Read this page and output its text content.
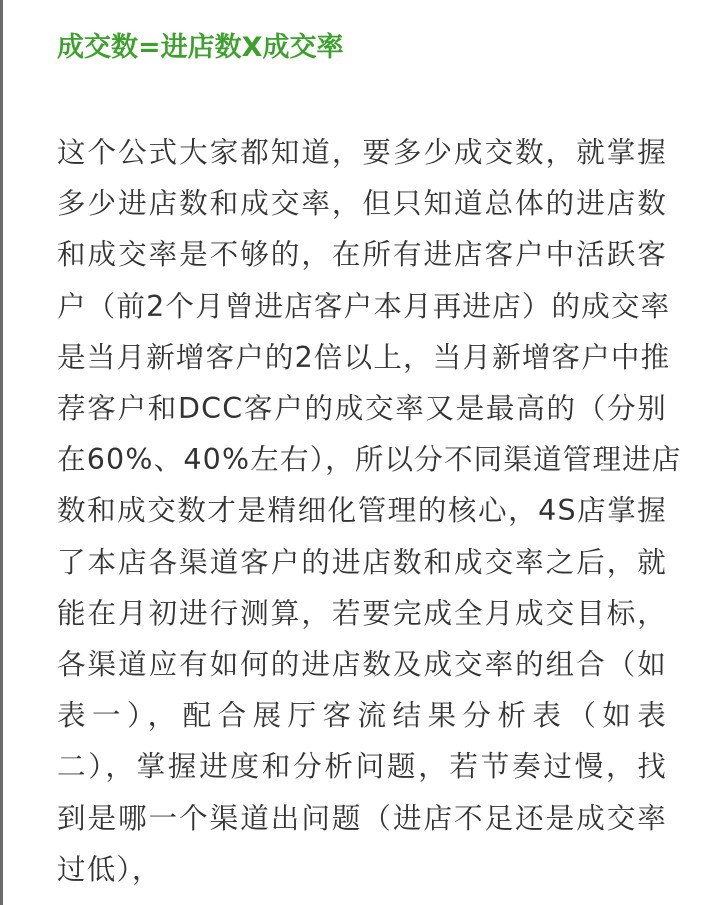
成交数=进店数X成交率
这个公式大家都知道，要多少成交数，就掌握
多少进店数和成交率，但只知道总体的进店数
和成交率是不够的，在所有进店客户中活跃客
户（前2个月曾进店客户本月再进店）的成交率
是当月新增客户的2倍以上，当月新增客户中推
荐客户和DCC客户的成交率又是最高的（分别
在60%、40%左右），所以分不同渠道管理进店
数和成交数才是精细化管理的核心，4S店掌握
了本店各渠道客户的进店数和成交率之后，就
能在月初进行测算，若要完成全月成交目标，
各渠道应有如何的进店数及成交率的组合（如
表一），配合展厅客流结果分析表（如表
二），掌握进度和分析问题，若节奏过慢，找
到是哪一个渠道出问题（进店不足还是成交率
过低），
